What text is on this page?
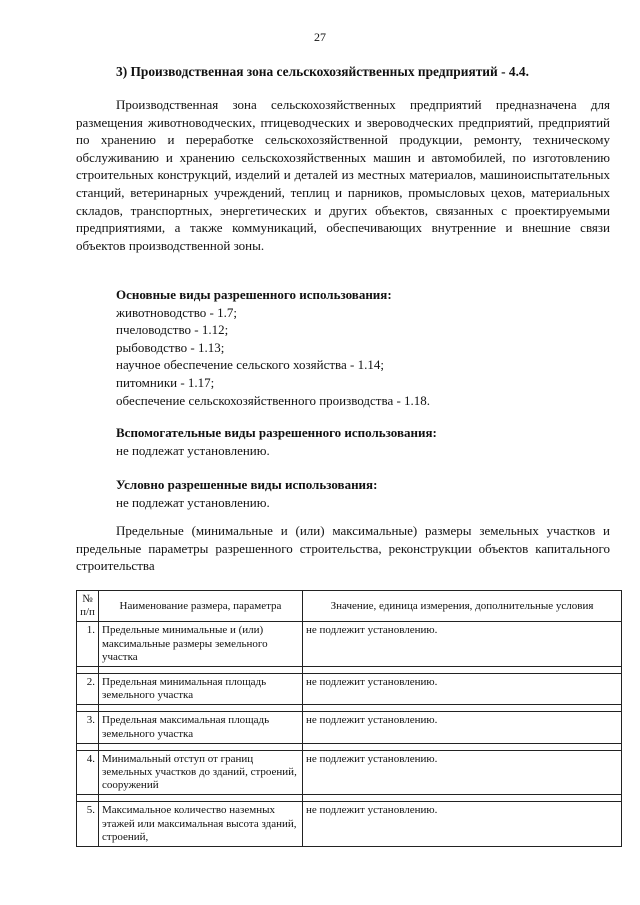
27
3) Производственная зона сельскохозяйственных предприятий - 4.4.

Производственная зона сельскохозяйственных предприятий предназначена для размещения животноводческих, птицеводческих и звероводческих предприятий, предприятий по хранению и переработке сельскохозяйственной продукции, ремонту, техническому обслуживанию и хранению сельскохозяйственных машин и автомобилей, по изготовлению строительных конструкций, изделий и деталей из местных материалов, машиноиспытательных станций, ветеринарных учреждений, теплиц и парников, промысловых цехов, материальных складов, транспортных, энергетических и других объектов, связанных с проектируемыми предприятиями, а также коммуникаций, обеспечивающих внутренние и внешние связи объектов производственной зоны.

Основные виды разрешенного использования:
животноводство - 1.7;
пчеловодство - 1.12;
рыбоводство - 1.13;
научное обеспечение сельского хозяйства - 1.14;
питомники - 1.17;
обеспечение сельскохозяйственного производства - 1.18.
Вспомогательные виды разрешенного использования:
не подлежат установлению.
Условно разрешенные виды использования:
не подлежат установлению.

Предельные (минимальные и (или) максимальные) размеры земельных участков и предельные параметры разрешенного строительства, реконструкции объектов капитального строительства

№ п/п	Наименование размера, параметра	Значение, единица измерения, дополнительные условия
1.	Предельные минимальные и (или) максимальные размеры земельного участка	не подлежит установлению.

2.	Предельная минимальная площадь земельного участка	не подлежит установлению.

3.	Предельная максимальная площадь земельного участка	не подлежит установлению.

4.	Минимальный отступ от границ земельных участков до зданий, строений, сооружений	не подлежит установлению.

5.	Максимальное количество наземных этажей или максимальная высота зданий, строений,	не подлежит установлению.
